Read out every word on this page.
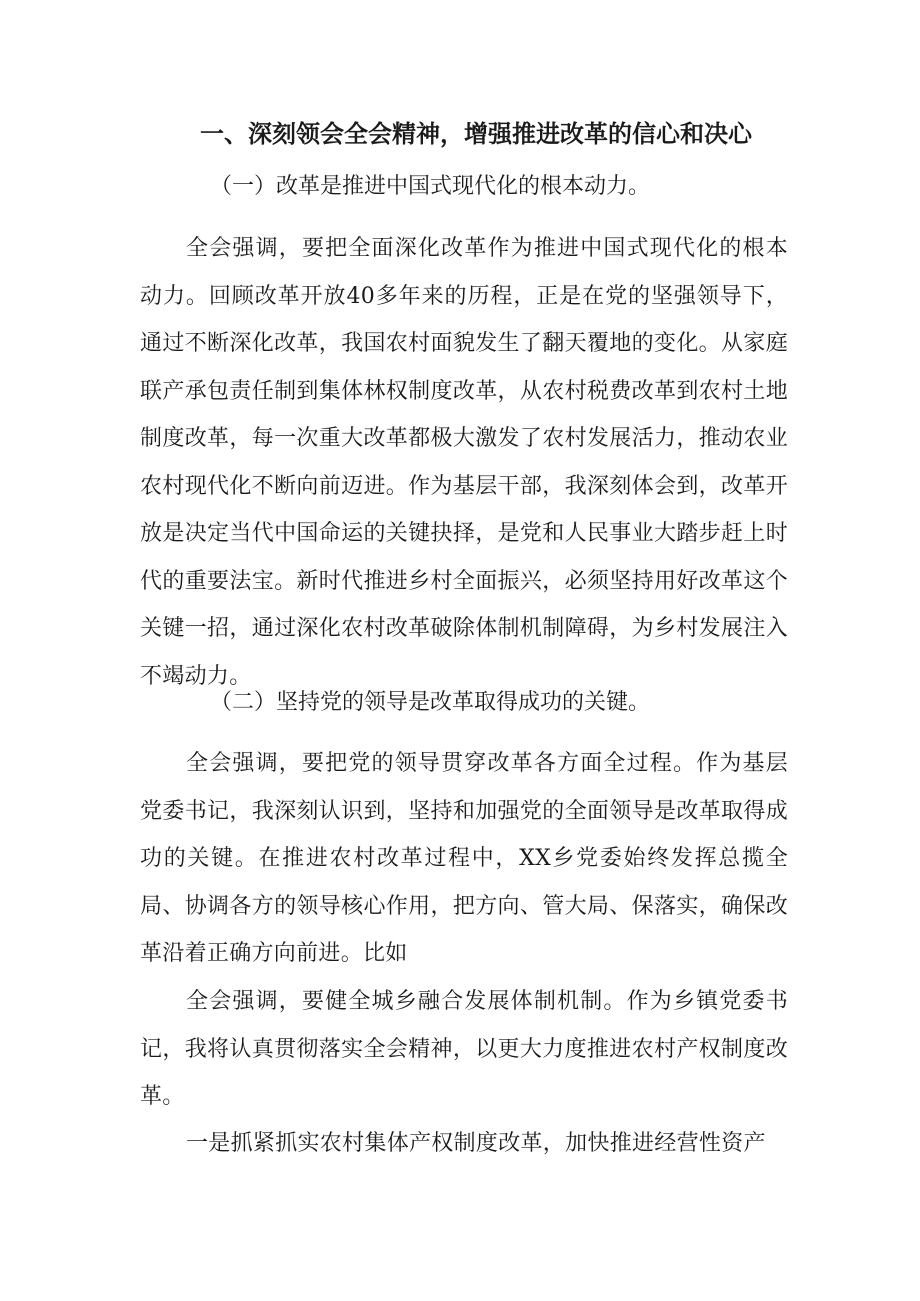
一、深刻领会全会精神，增强推进改革的信心和决心
（一）改革是推进中国式现代化的根本动力。
全会强调，要把全面深化改革作为推进中国式现代化的根本动力。回顾改革开放40多年来的历程，正是在党的坚强领导下，通过不断深化改革，我国农村面貌发生了翻天覆地的变化。从家庭联产承包责任制到集体林权制度改革，从农村税费改革到农村土地制度改革，每一次重大改革都极大激发了农村发展活力，推动农业农村现代化不断向前迈进。作为基层干部，我深刻体会到，改革开放是决定当代中国命运的关键抉择，是党和人民事业大踏步赶上时代的重要法宝。新时代推进乡村全面振兴，必须坚持用好改革这个关键一招，通过深化农村改革破除体制机制障碍，为乡村发展注入不竭动力。
（二）坚持党的领导是改革取得成功的关键。
全会强调，要把党的领导贯穿改革各方面全过程。作为基层党委书记，我深刻认识到，坚持和加强党的全面领导是改革取得成功的关键。在推进农村改革过程中，XX乡党委始终发挥总揽全局、协调各方的领导核心作用，把方向、管大局、保落实，确保改革沿着正确方向前进。比如
全会强调，要健全城乡融合发展体制机制。作为乡镇党委书记，我将认真贯彻落实全会精神，以更大力度推进农村产权制度改革。
一是抓紧抓实农村集体产权制度改革，加快推进经营性资产
